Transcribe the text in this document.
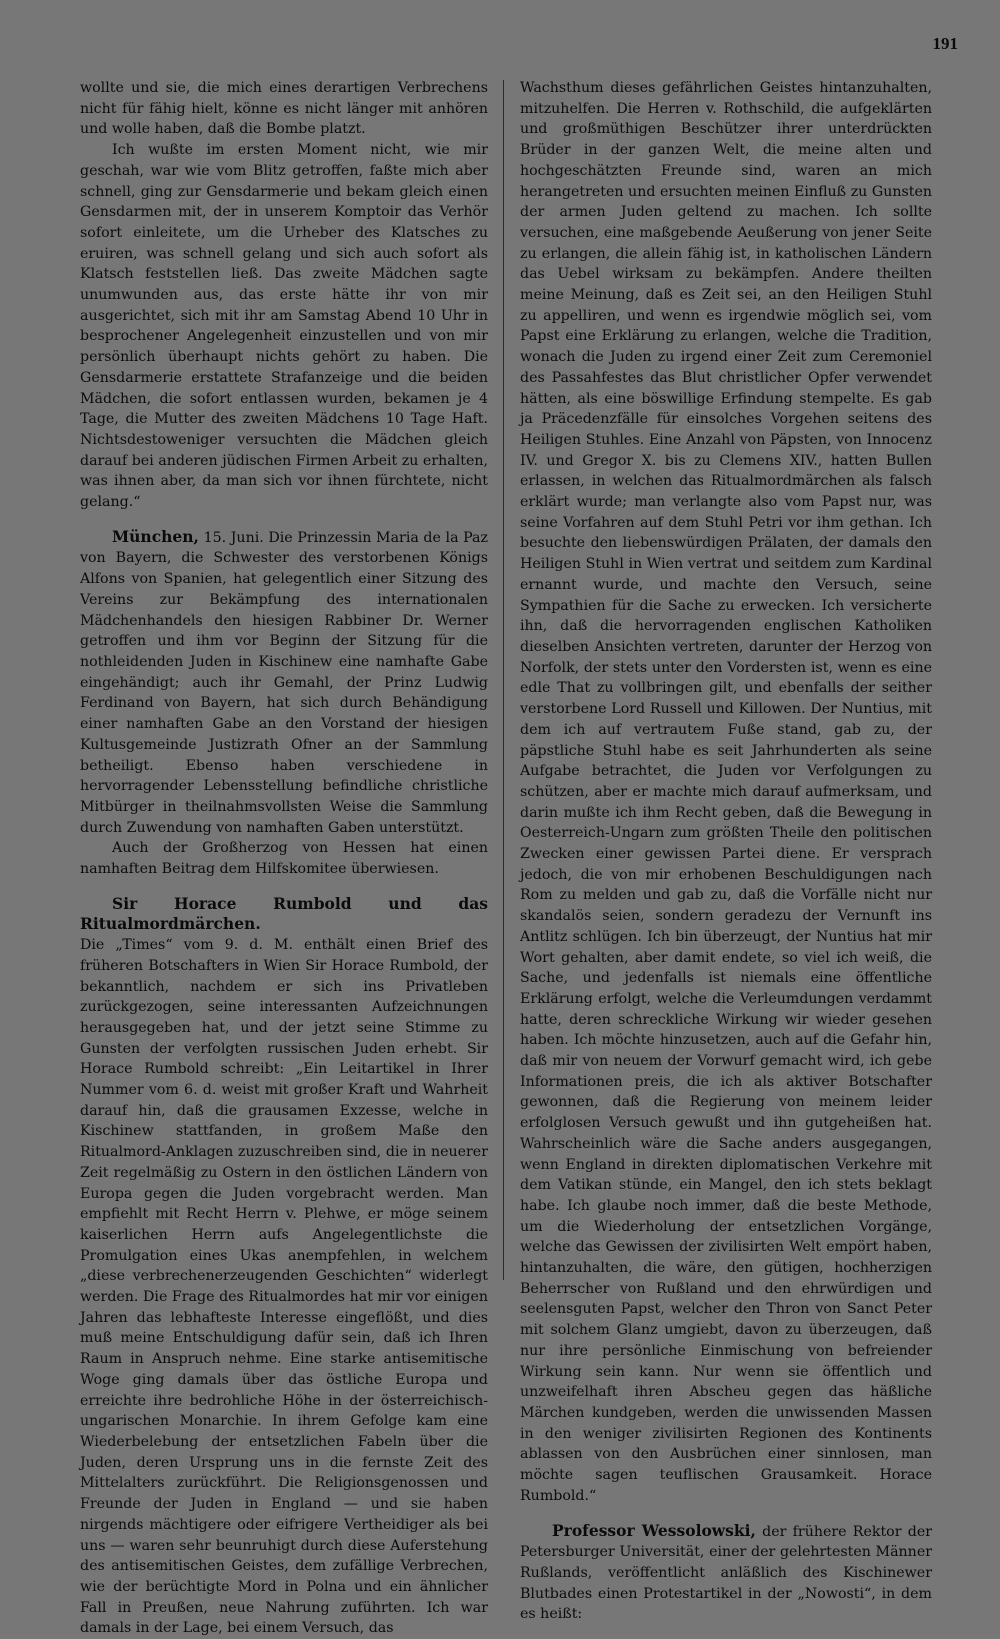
191

wollte und sie, die mich eines derartigen Verbrechens nicht für fähig hielt, könne es nicht länger mit anhören und wolle haben, daß die Bombe platzt.

Ich wußte im ersten Moment nicht, wie mir geschah, war wie vom Blitz getroffen, faßte mich aber schnell, ging zur Gensdarmerie und bekam gleich einen Gensdarmen mit, der in unserem Komptoir das Verhör sofort einleitete, um die Urheber des Klatsches zu eruiren, was schnell gelang und sich auch sofort als Klatsch feststellen ließ. Das zweite Mädchen sagte unumwunden aus, das erste hätte ihr von mir ausgerichtet, sich mit ihr am Samstag Abend 10 Uhr in besprochener Angelegenheit einzustellen und von mir persönlich überhaupt nichts gehört zu haben. Die Gensdarmerie erstattete Strafanzeige und die beiden Mädchen, die sofort entlassen wurden, bekamen je 4 Tage, die Mutter des zweiten Mädchens 10 Tage Haft. Nichtsdestoweniger versuchten die Mädchen gleich darauf bei anderen jüdischen Firmen Arbeit zu erhalten, was ihnen aber, da man sich vor ihnen fürchtete, nicht gelang.“

München, 15. Juni. Die Prinzessin Maria de la Paz von Bayern, die Schwester des verstorbenen Königs Alfons von Spanien, hat gelegentlich einer Sitzung des Vereins zur Bekämpfung des internationalen Mädchenhandels den hiesigen Rabbiner Dr. Werner getroffen und ihm vor Beginn der Sitzung für die nothleidenden Juden in Kischinew eine namhafte Gabe eingehändigt; auch ihr Gemahl, der Prinz Ludwig Ferdinand von Bayern, hat sich durch Behändigung einer namhaften Gabe an den Vorstand der hiesigen Kultusgemeinde Justizrath Ofner an der Sammlung betheiligt. Ebenso haben verschiedene in hervorragender Lebensstellung befindliche christliche Mitbürger in theilnahmsvollsten Weise die Sammlung durch Zuwendung von namhaften Gaben unterstützt.

Auch der Großherzog von Hessen hat einen namhaften Beitrag dem Hilfskomitee überwiesen.

Sir Horace Rumbold und das Ritualmordmärchen.

Die „Times“ vom 9. d. M. enthält einen Brief des früheren Botschafters in Wien Sir Horace Rumbold, der bekanntlich, nachdem er sich ins Privatleben zurückgezogen, seine interessanten Aufzeichnungen herausgegeben hat, und der jetzt seine Stimme zu Gunsten der verfolgten russischen Juden erhebt. Sir Horace Rumbold schreibt: „Ein Leitartikel in Ihrer Nummer vom 6. d. weist mit großer Kraft und Wahrheit darauf hin, daß die grausamen Exzesse, welche in Kischinew stattfanden, in großem Maße den Ritualmord-Anklagen zuzuschreiben sind, die in neuerer Zeit regelmäßig zu Ostern in den östlichen Ländern von Europa gegen die Juden vorgebracht werden. Man empfiehlt mit Recht Herrn v. Plehwe, er möge seinem kaiserlichen Herrn aufs Angelegentlichste die Promulgation eines Ukas anempfehlen, in welchem „diese verbrechenerzeugenden Geschichten“ widerlegt werden. Die Frage des Ritualmordes hat mir vor einigen Jahren das lebhafteste Interesse eingeflößt, und dies muß meine Entschuldigung dafür sein, daß ich Ihren Raum in Anspruch nehme. Eine starke antisemitische Woge ging damals über das östliche Europa und erreichte ihre bedrohliche Höhe in der österreichisch-ungarischen Monarchie. In ihrem Gefolge kam eine Wiederbelebung der entsetzlichen Fabeln über die Juden, deren Ursprung uns in die fernste Zeit des Mittelalters zurückführt. Die Religionsgenossen und Freunde der Juden in England — und sie haben nirgends mächtigere oder eifrigere Vertheidiger als bei uns — waren sehr beunruhigt durch diese Auferstehung des antisemitischen Geistes, dem zufällige Verbrechen, wie der berüchtigte Mord in Polna und ein ähnlicher Fall in Preußen, neue Nahrung zuführten. Ich war damals in der Lage, bei einem Versuch, das

Wachsthum dieses gefährlichen Geistes hintanzuhalten, mitzuhelfen. Die Herren v. Rothschild, die aufgeklärten und großmüthigen Beschützer ihrer unterdrückten Brüder in der ganzen Welt, die meine alten und hochgeschätzten Freunde sind, waren an mich herangetreten und ersuchten meinen Einfluß zu Gunsten der armen Juden geltend zu machen. Ich sollte versuchen, eine maßgebende Aeußerung von jener Seite zu erlangen, die allein fähig ist, in katholischen Ländern das Uebel wirksam zu bekämpfen. Andere theilten meine Meinung, daß es Zeit sei, an den Heiligen Stuhl zu appelliren, und wenn es irgendwie möglich sei, vom Papst eine Erklärung zu erlangen, welche die Tradition, wonach die Juden zu irgend einer Zeit zum Ceremoniel des Passahfestes das Blut christlicher Opfer verwendet hätten, als eine böswillige Erfindung stempelte. Es gab ja Präcedenzfälle für einsolches Vorgehen seitens des Heiligen Stuhles. Eine Anzahl von Päpsten, von Innocenz IV. und Gregor X. bis zu Clemens XIV., hatten Bullen erlassen, in welchen das Ritualmordmärchen als falsch erklärt wurde; man verlangte also vom Papst nur, was seine Vorfahren auf dem Stuhl Petri vor ihm gethan. Ich besuchte den liebenswürdigen Prälaten, der damals den Heiligen Stuhl in Wien vertrat und seitdem zum Kardinal ernannt wurde, und machte den Versuch, seine Sympathien für die Sache zu erwecken. Ich versicherte ihn, daß die hervorragenden englischen Katholiken dieselben Ansichten vertreten, darunter der Herzog von Norfolk, der stets unter den Vordersten ist, wenn es eine edle That zu vollbringen gilt, und ebenfalls der seither verstorbene Lord Russell und Killowen. Der Nuntius, mit dem ich auf vertrautem Fuße stand, gab zu, der päpstliche Stuhl habe es seit Jahrhunderten als seine Aufgabe betrachtet, die Juden vor Verfolgungen zu schützen, aber er machte mich darauf aufmerksam, und darin mußte ich ihm Recht geben, daß die Bewegung in Oesterreich-Ungarn zum größten Theile den politischen Zwecken einer gewissen Partei diene. Er versprach jedoch, die von mir erhobenen Beschuldigungen nach Rom zu melden und gab zu, daß die Vorfälle nicht nur skandalös seien, sondern geradezu der Vernunft ins Antlitz schlügen. Ich bin überzeugt, der Nuntius hat mir Wort gehalten, aber damit endete, so viel ich weiß, die Sache, und jedenfalls ist niemals eine öffentliche Erklärung erfolgt, welche die Verleumdungen verdammt hatte, deren schreckliche Wirkung wir wieder gesehen haben. Ich möchte hinzusetzen, auch auf die Gefahr hin, daß mir von neuem der Vorwurf gemacht wird, ich gebe Informationen preis, die ich als aktiver Botschafter gewonnen, daß die Regierung von meinem leider erfolglosen Versuch gewußt und ihn gutgeheißen hat. Wahrscheinlich wäre die Sache anders ausgegangen, wenn England in direkten diplomatischen Verkehre mit dem Vatikan stünde, ein Mangel, den ich stets beklagt habe. Ich glaube noch immer, daß die beste Methode, um die Wiederholung der entsetzlichen Vorgänge, welche das Gewissen der zivilisirten Welt empört haben, hintanzuhalten, die wäre, den gütigen, hochherzigen Beherrscher von Rußland und den ehrwürdigen und seelensguten Papst, welcher den Thron von Sanct Peter mit solchem Glanz umgiebt, davon zu überzeugen, daß nur ihre persönliche Einmischung von befreiender Wirkung sein kann. Nur wenn sie öffentlich und unzweifelhaft ihren Abscheu gegen das häßliche Märchen kundgeben, werden die unwissenden Massen in den weniger zivilisirten Regionen des Kontinents ablassen von den Ausbrüchen einer sinnlosen, man möchte sagen teuflischen Grausamkeit. Horace Rumbold.“

Professor Wessolowski, der frühere Rektor der Petersburger Universität, einer der gelehrtesten Männer Rußlands, veröffentlicht anläßlich des Kischinewer Blutbades einen Protestartikel in der „Nowosti“, in dem es heißt:
